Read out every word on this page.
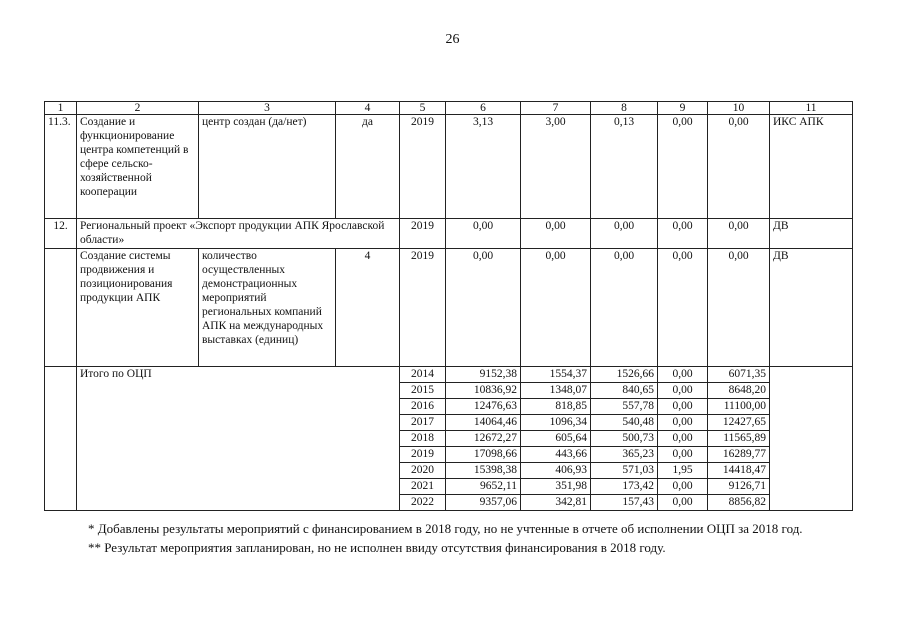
26
1	2	3	4	5	6	7	8	9	10	11
11.3.	Создание и функционирование центра компетенций в сфере сельско-хозяйственной кооперации	центр создан (да/нет)	да	2019	3,13	3,00	0,13	0,00	0,00	ИКС АПК
12.	Региональный проект «Экспорт продукции АПК Ярославской области»			2019	0,00	0,00	0,00	0,00	0,00	ДВ
	Создание системы продвижения и позиционирования продукции АПК	количество осуществленных демонстрационных мероприятий региональных компаний АПК на международных выставках (единиц)	4	2019	0,00	0,00	0,00	0,00	0,00	ДВ
	Итого по ОЦП			2014	9152,38	1554,37	1526,66	0,00	6071,35	
				2015	10836,92	1348,07	840,65	0,00	8648,20	
				2016	12476,63	818,85	557,78	0,00	11100,00	
				2017	14064,46	1096,34	540,48	0,00	12427,65	
				2018	12672,27	605,64	500,73	0,00	11565,89	
				2019	17098,66	443,66	365,23	0,00	16289,77	
				2020	15398,38	406,93	571,03	1,95	14418,47	
				2021	9652,11	351,98	173,42	0,00	9126,71	
				2022	9357,06	342,81	157,43	0,00	8856,82	

* Добавлены результаты мероприятий с финансированием в 2018 году, но не учтенные в отчете об исполнении ОЦП за 2018 год.

** Результат мероприятия запланирован, но не исполнен ввиду отсутствия финансирования в 2018 году.
